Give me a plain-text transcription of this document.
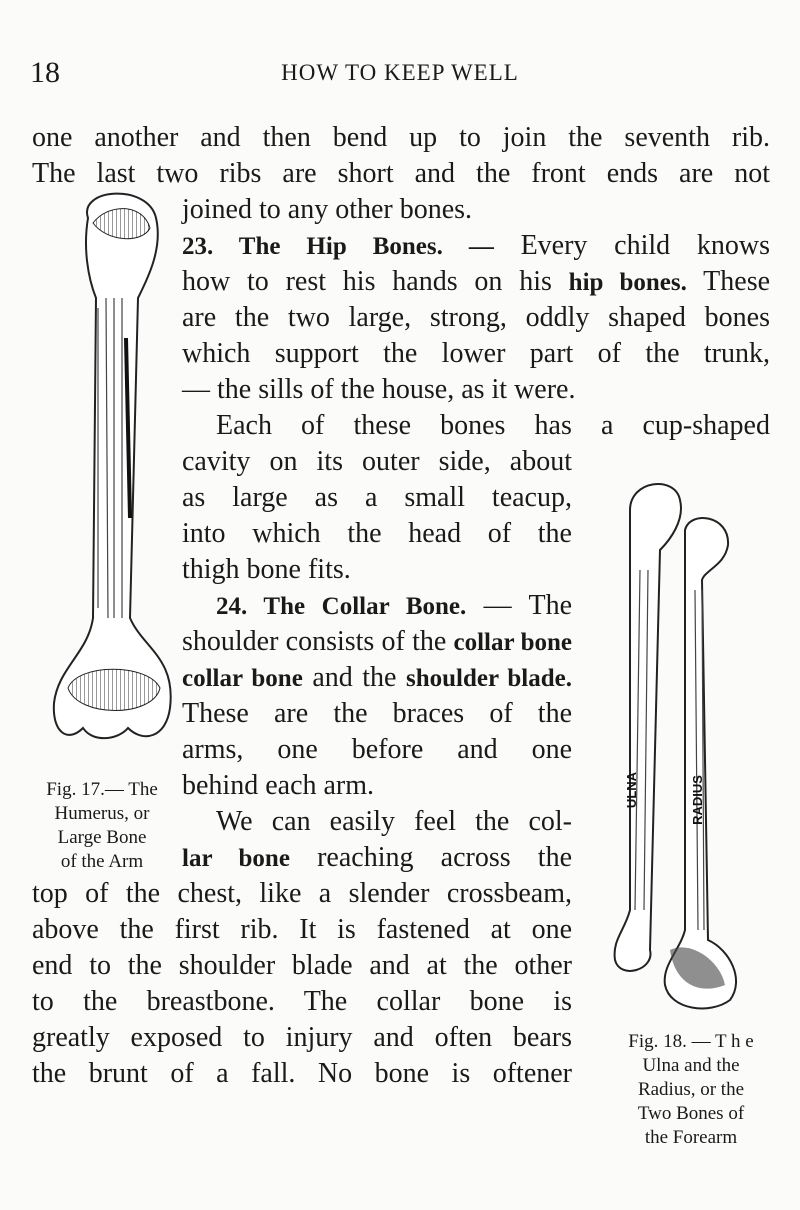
18	HOW TO KEEP WELL
one another and then bend up to join the seventh rib.
The last two ribs are short and the front ends are not
joined to any other bones.
23. The Hip Bones. — Every child knows
how to rest his hands on his hip bones. These
are the two large, strong, oddly shaped bones
which support the lower part of the trunk,
— the sills of the house, as it were.
Each of these bones has a cup-shaped
cavity on its outer side, about
as large as a small teacup,
into which the head of the
thigh bone fits.
24. The Collar Bone. — The
shoulder consists of the collar bone
collar bone and the shoulder blade.
These are the braces of the
arms, one before and one
behind each arm.
We can easily feel the col-
lar bone reaching across the
top of the chest, like a slender crossbeam,
above the first rib. It is fastened at one
end to the shoulder blade and at the other
to the breastbone. The collar bone is
greatly exposed to injury and often bears
the brunt of a fall. No bone is oftener
Fig. 17.— The
Humerus, or
Large Bone
of the Arm
ULNA	RADIUS
Fig. 18. — T h e
Ulna and the
Radius, or the
Two Bones of
the Forearm
